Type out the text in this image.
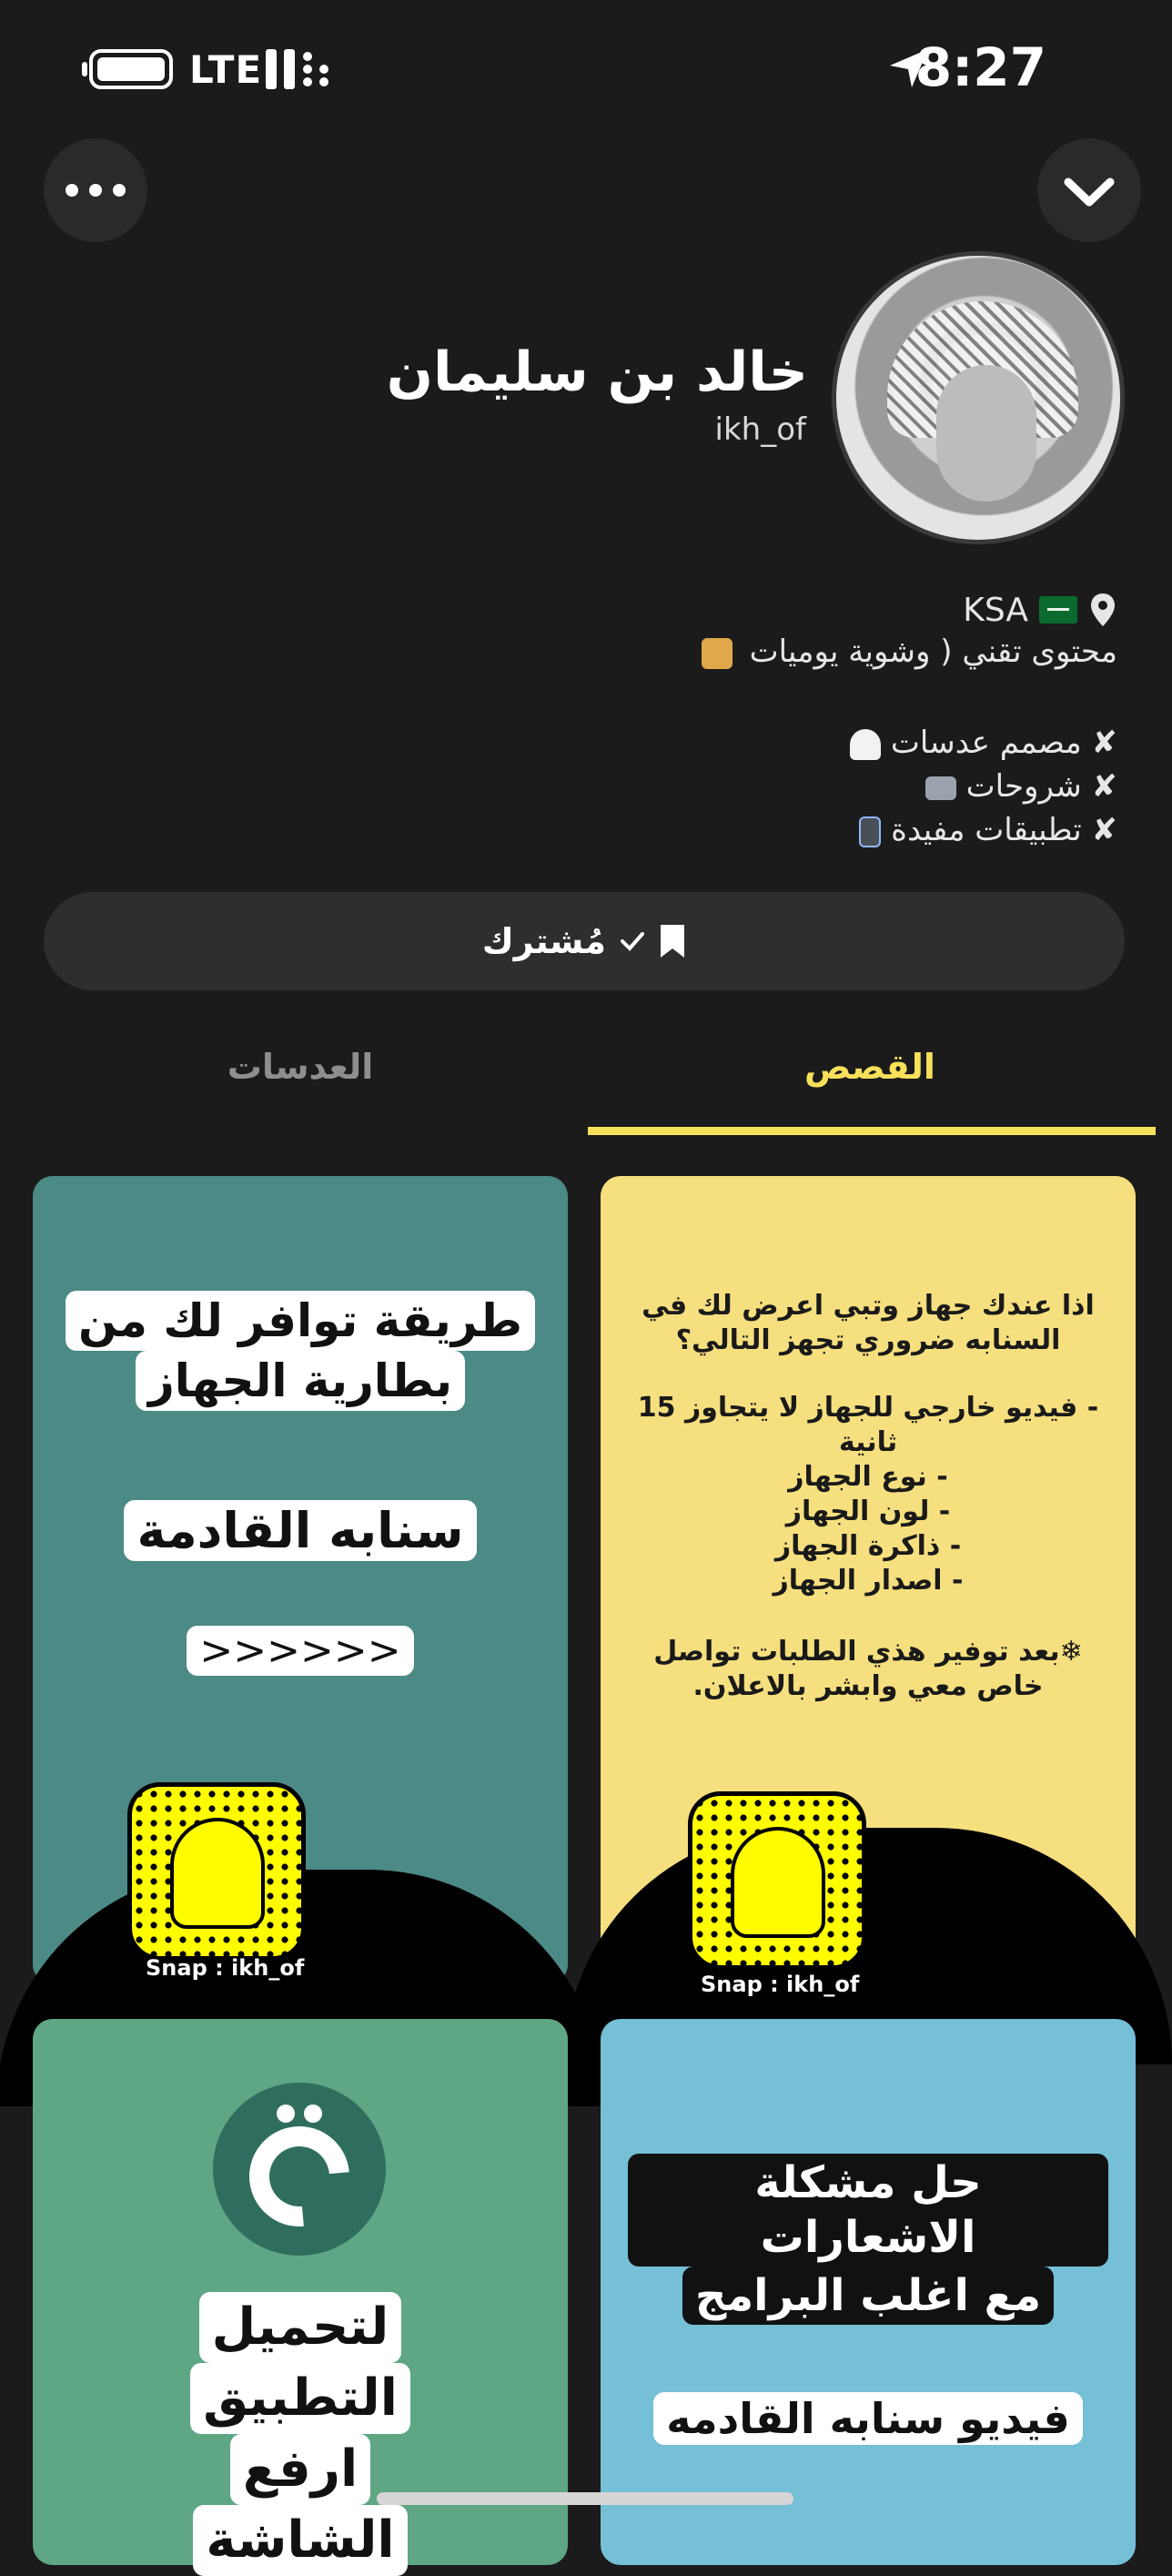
LTE	8:27
خالد بن سليمان
ikh_of
KSA
محتوى تقني ( وشوية يوميات
✘ مصمم عدسات
✘ شروحات
✘ تطبيقات مفيدة
مُشترك
القصص
العدسات
اذا عندك جهاز وتبي اعرض لك في
السنابه ضروري تجهز التالي؟
- فيديو خارجي للجهاز لا يتجاوز 15
ثانية
- نوع الجهاز
- لون الجهاز
- ذاكرة الجهاز
- اصدار الجهاز
❄بعد توفير هذي الطلبات تواصل
خاص معي وابشر بالاعلان.
Snap : ikh_of
طريقة توافر لك من
بطارية الجهاز
سنابه القادمة
>>>>>>
Snap : ikh_of
حل مشكلة الاشعارات
مع اغلب البرامج
فيديو سنابه القادمه
لتحميل
التطبيق
ارفع
الشاشة
